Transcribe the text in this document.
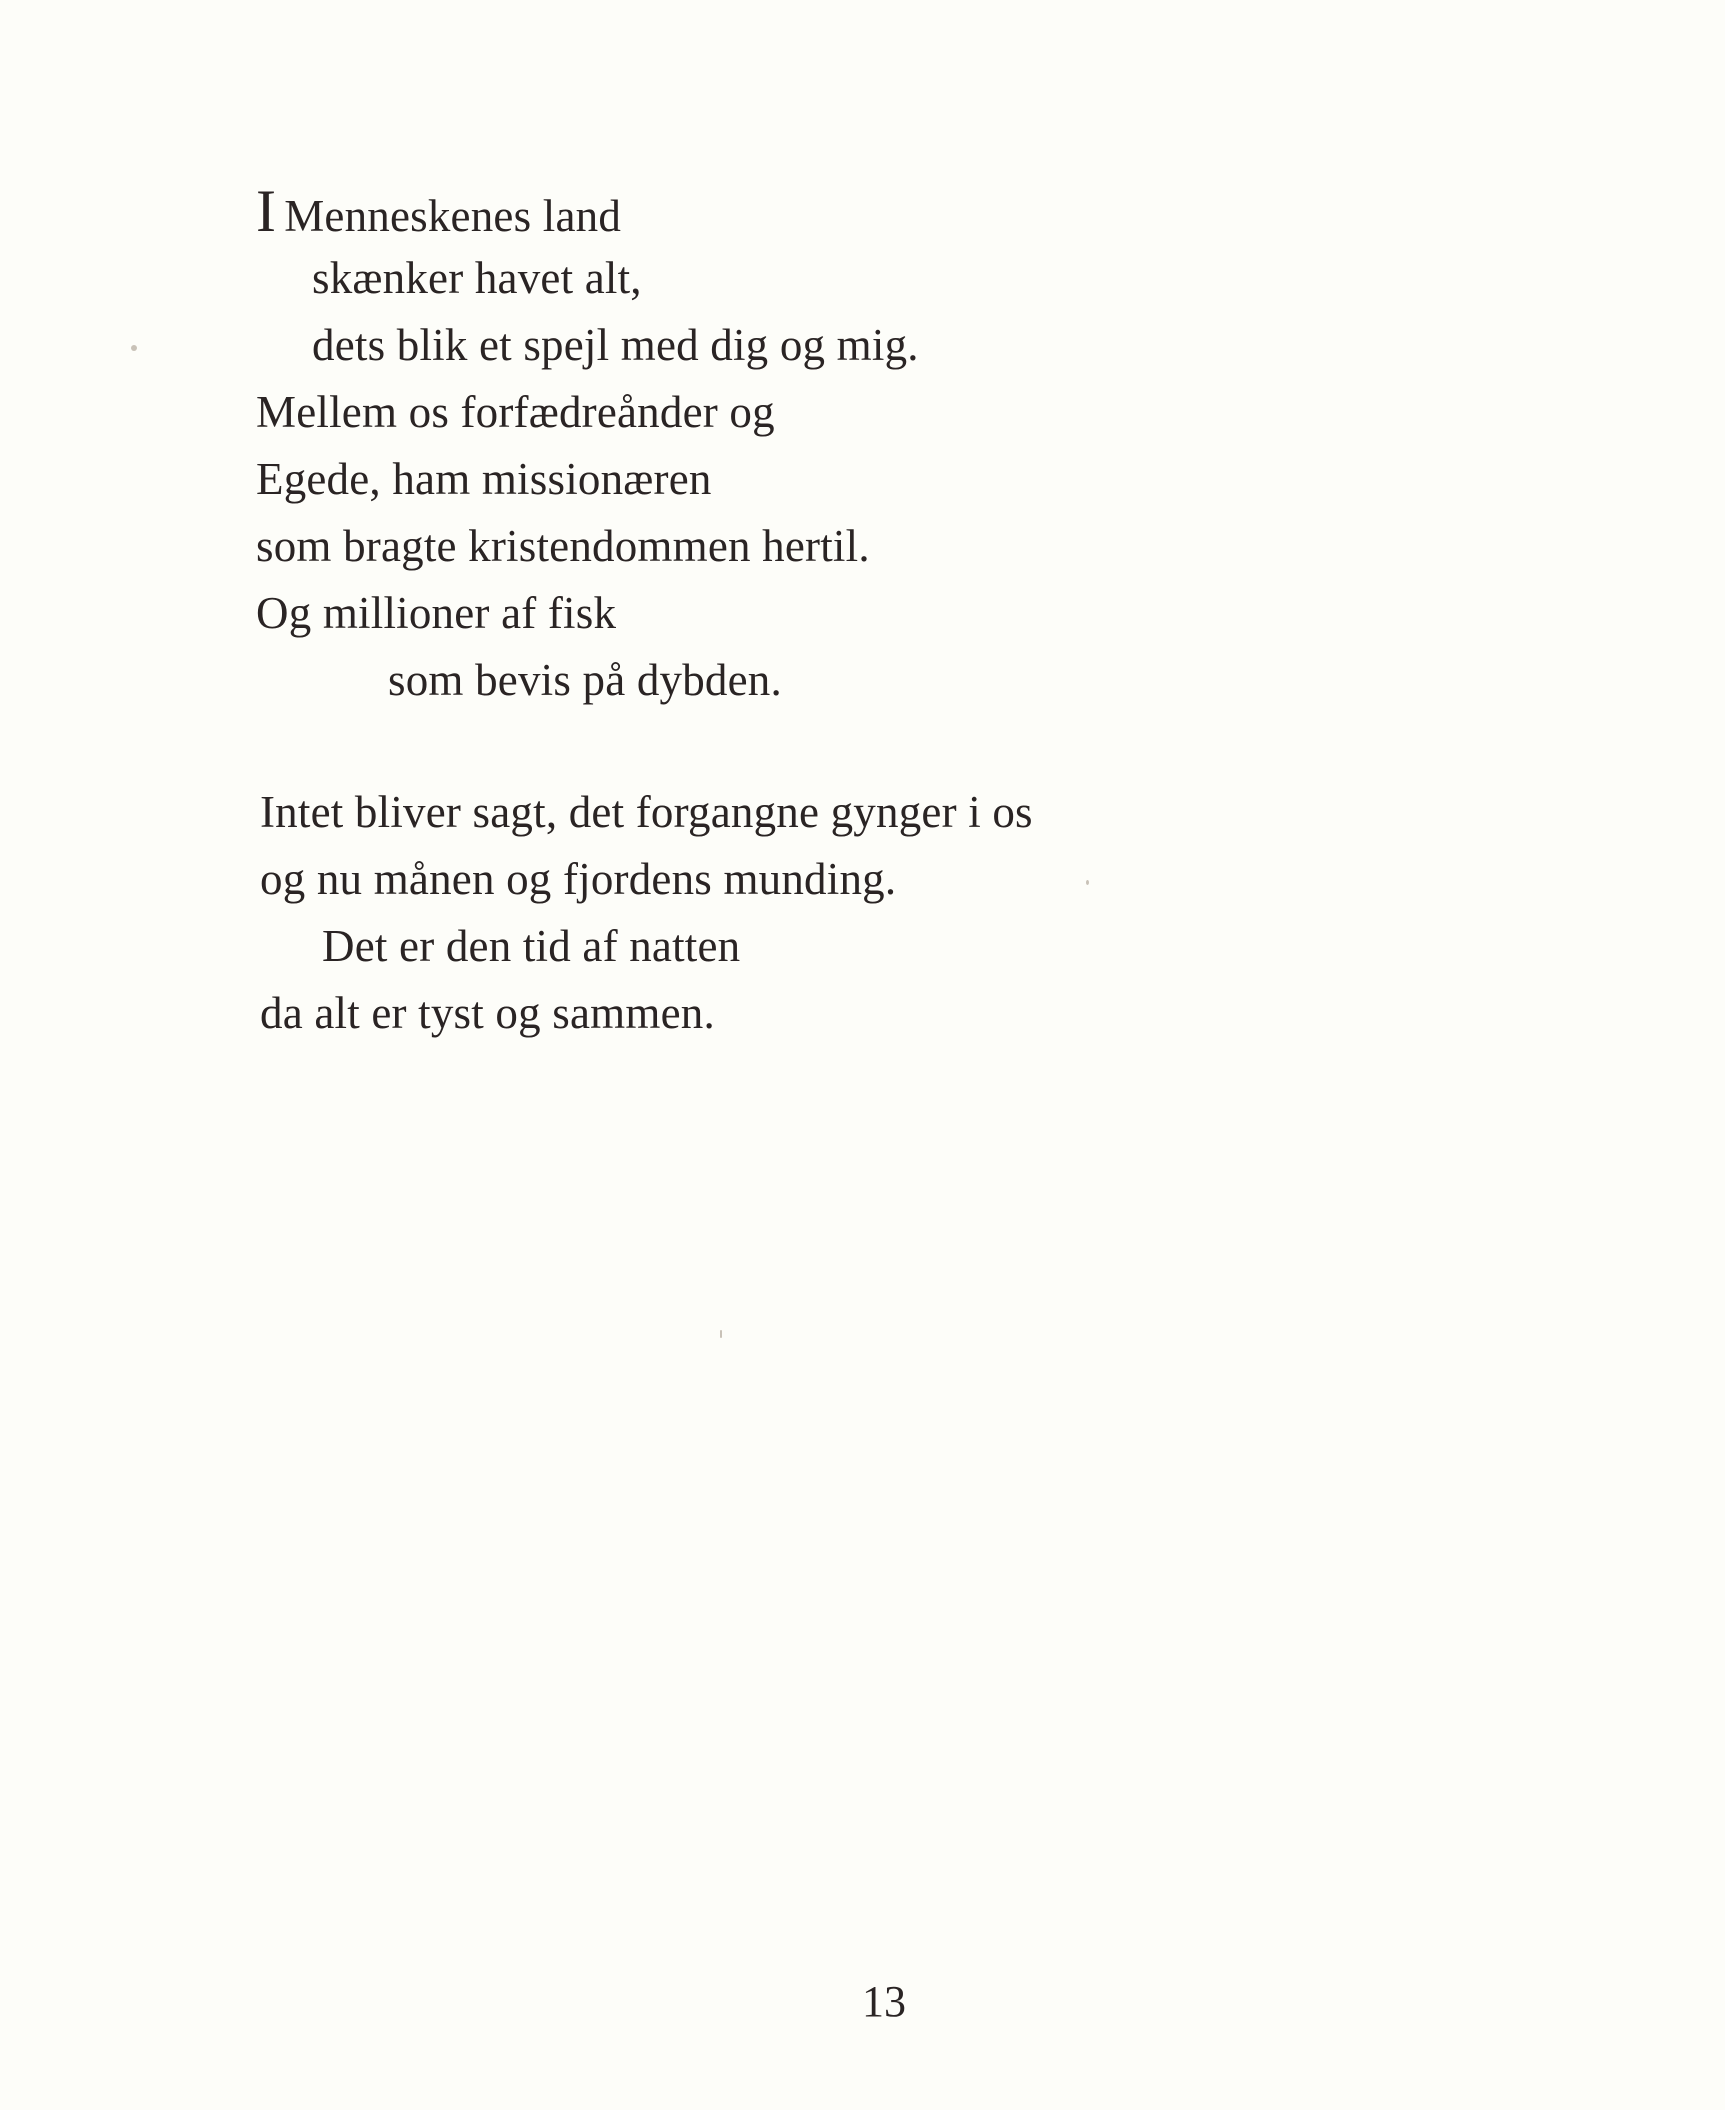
I Menneskenes land
skænker havet alt,
dets blik et spejl med dig og mig.
Mellem os forfædreånder og
Egede, ham missionæren
som bragte kristendommen hertil.
Og millioner af fisk
som bevis på dybden.
Intet bliver sagt, det forgangne gynger i os
og nu månen og fjordens munding.
Det er den tid af natten
da alt er tyst og sammen.
13
